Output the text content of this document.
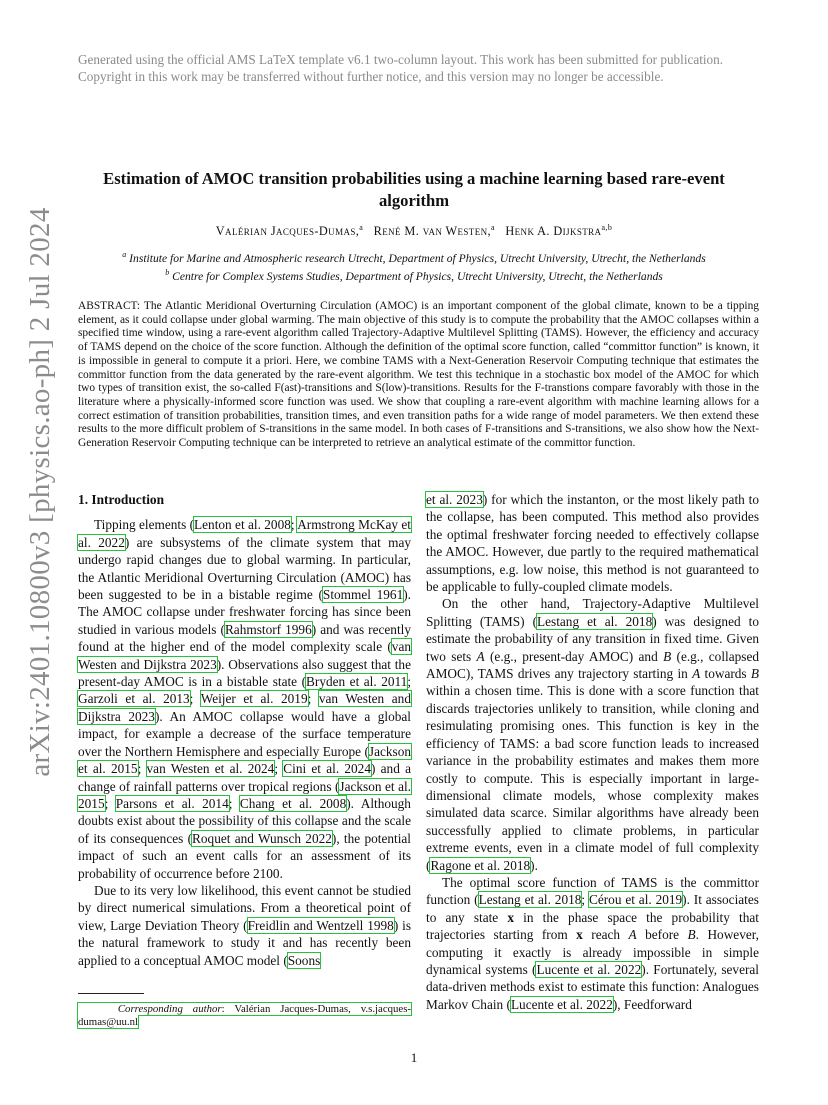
Generated using the official AMS LaTeX template v6.1 two-column layout. This work has been submitted for publication. Copyright in this work may be transferred without further notice, and this version may no longer be accessible.
arXiv:2401.10800v3 [physics.ao-ph] 2 Jul 2024
Estimation of AMOC transition probabilities using a machine learning based rare-event algorithm
Valérian Jacques-Dumas,$^a$ René M. van Westen,$^a$ Henk A. Dijkstra$^{a,b}$
$^a$ Institute for Marine and Atmospheric research Utrecht, Department of Physics, Utrecht University, Utrecht, the Netherlands
$^b$ Centre for Complex Systems Studies, Department of Physics, Utrecht University, Utrecht, the Netherlands
ABSTRACT: The Atlantic Meridional Overturning Circulation (AMOC) is an important component of the global climate, known to be a tipping element, as it could collapse under global warming. The main objective of this study is to compute the probability that the AMOC collapses within a specified time window, using a rare-event algorithm called Trajectory-Adaptive Multilevel Splitting (TAMS). However, the efficiency and accuracy of TAMS depend on the choice of the score function. Although the definition of the optimal score function, called “committor function” is known, it is impossible in general to compute it a priori. Here, we combine TAMS with a Next-Generation Reservoir Computing technique that estimates the committor function from the data generated by the rare-event algorithm. We test this technique in a stochastic box model of the AMOC for which two types of transition exist, the so-called F(ast)-transitions and S(low)-transitions. Results for the F-transtions compare favorably with those in the literature where a physically-informed score function was used. We show that coupling a rare-event algorithm with machine learning allows for a correct estimation of transition probabilities, transition times, and even transition paths for a wide range of model parameters. We then extend these results to the more difficult problem of S-transitions in the same model. In both cases of F-transitions and S-transitions, we also show how the Next-Generation Reservoir Computing technique can be interpreted to retrieve an analytical estimate of the committor function.
1. Introduction

Tipping elements (Lenton et al. 2008; Armstrong McKay et al. 2022) are subsystems of the climate system that may undergo rapid changes due to global warming. In particular, the Atlantic Meridional Overturning Circulation (AMOC) has been suggested to be in a bistable regime (Stommel 1961). The AMOC collapse under freshwater forcing has since been studied in various models (Rahmstorf 1996) and was recently found at the higher end of the model complexity scale (van Westen and Dijkstra 2023). Observations also suggest that the present-day AMOC is in a bistable state (Bryden et al. 2011; Garzoli et al. 2013; Weijer et al. 2019; van Westen and Dijkstra 2023). An AMOC collapse would have a global impact, for example a decrease of the surface temperature over the Northern Hemisphere and especially Europe (Jackson et al. 2015; van Westen et al. 2024; Cini et al. 2024) and a change of rainfall patterns over tropical regions (Jackson et al. 2015; Parsons et al. 2014; Chang et al. 2008). Although doubts exist about the possibility of this collapse and the scale of its consequences (Roquet and Wunsch 2022), the potential impact of such an event calls for an assessment of its probability of occurrence before 2100.

Due to its very low likelihood, this event cannot be studied by direct numerical simulations. From a theoretical point of view, Large Deviation Theory (Freidlin and Wentzell 1998) is the natural framework to study it and has recently been applied to a conceptual AMOC model (Soons

et al. 2023) for which the instanton, or the most likely path to the collapse, has been computed. This method also provides the optimal freshwater forcing needed to effectively collapse the AMOC. However, due partly to the required mathematical assumptions, e.g. low noise, this method is not guaranteed to be applicable to fully-coupled climate models.

On the other hand, Trajectory-Adaptive Multilevel Splitting (TAMS) (Lestang et al. 2018) was designed to estimate the probability of any transition in fixed time. Given two sets A (e.g., present-day AMOC) and B (e.g., collapsed AMOC), TAMS drives any trajectory starting in A towards B within a chosen time. This is done with a score function that discards trajectories unlikely to transition, while cloning and resimulating promising ones. This function is key in the efficiency of TAMS: a bad score function leads to increased variance in the probability estimates and makes them more costly to compute. This is especially important in large-dimensional climate models, whose complexity makes simulated data scarce. Similar algorithms have already been successfully applied to climate problems, in particular extreme events, even in a climate model of full complexity (Ragone et al. 2018).

The optimal score function of TAMS is the committor function (Lestang et al. 2018; Cérou et al. 2019). It associates to any state x in the phase space the probability that trajectories starting from x reach A before B. However, computing it exactly is already impossible in simple dynamical systems (Lucente et al. 2022). Fortunately, several data-driven methods exist to estimate this function: Analogues Markov Chain (Lucente et al. 2022), Feedforward

Corresponding author: Valérian Jacques-Dumas, v.s.jacques-dumas@uu.nl
1
